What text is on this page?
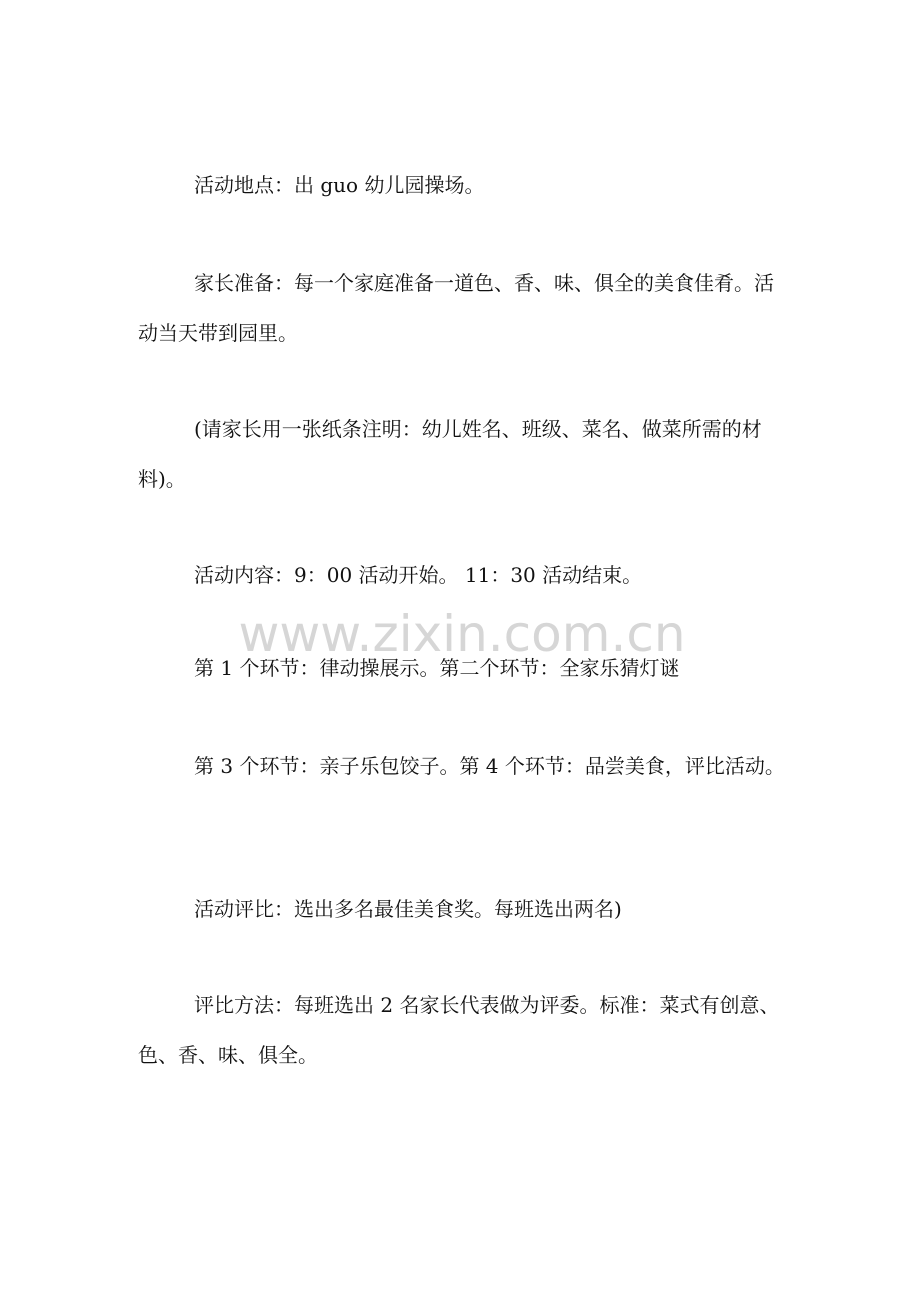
活动地点：出 guo 幼儿园操场。

家长准备：每一个家庭准备一道色、香、味、俱全的美食佳肴。活动当天带到园里。

(请家长用一张纸条注明：幼儿姓名、班级、菜名、做菜所需的材料)。

活动内容：9：00 活动开始。 11：30 活动结束。

第 1 个环节：律动操展示。第二个环节：全家乐猜灯谜

第 3 个环节：亲子乐包饺子。第 4 个环节：品尝美食，评比活动。

活动评比：选出多名最佳美食奖。每班选出两名)

评比方法：每班选出 2 名家长代表做为评委。标准：菜式有创意、色、香、味、俱全。

www.zixin.com.cn
